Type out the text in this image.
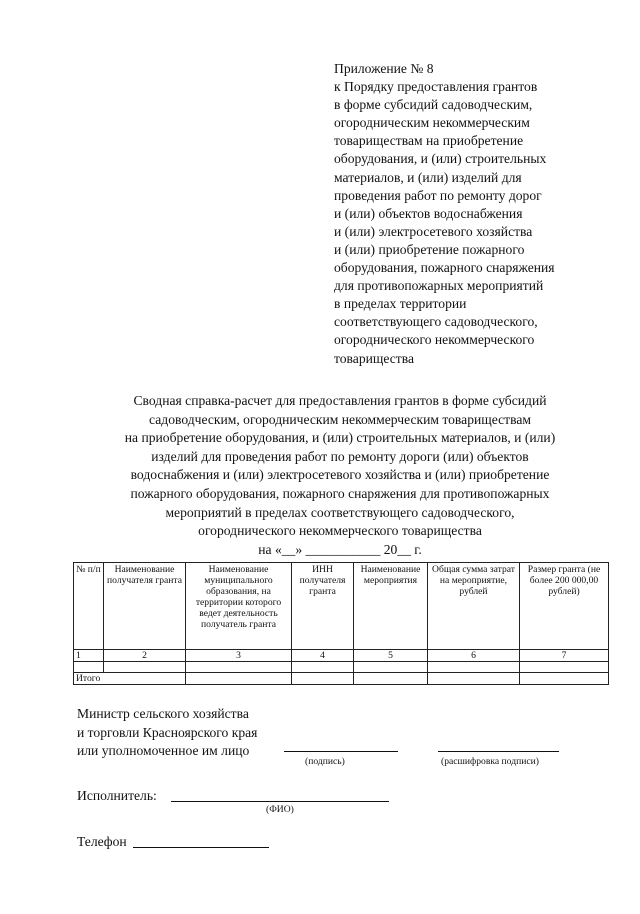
Приложение № 8
к Порядку предоставления грантов
в форме субсидий садоводческим,
огородническим некоммерческим
товариществам на приобретение
оборудования, и (или) строительных
материалов, и (или) изделий для
проведения работ по ремонту дорог
и (или) объектов водоснабжения
и (или) электросетевого хозяйства
и (или) приобретение пожарного
оборудования, пожарного снаряжения
для противопожарных мероприятий
в пределах территории
соответствующего садоводческого,
огороднического некоммерческого
товарищества
Сводная справка-расчет для предоставления грантов в форме субсидий
садоводческим, огородническим некоммерческим товариществам
на приобретение оборудования, и (или) строительных материалов, и (или)
изделий для проведения работ по ремонту дороги (или) объектов
водоснабжения и (или) электросетевого хозяйства и (или) приобретение
пожарного оборудования, пожарного снаряжения для противопожарных
мероприятий в пределах соответствующего садоводческого,
огороднического некоммерческого товарищества
на «__» ___________ 20__ г.
№ п/п	Наименование получателя гранта	Наименование муниципального образования, на территории которого ведет деятельность получатель гранта	ИНН получателя гранта	Наименование мероприятия	Общая сумма затрат на мероприятие, рублей	Размер гранта (не более 200 000,00 рублей)
1	2	3	4	5	6	7

Итого						
Министр сельского хозяйства
и торговли Красноярского края
или уполномоченное им лицо
(подпись)	(расшифровка подписи)
Исполнитель:
(ФИО)
Телефон
